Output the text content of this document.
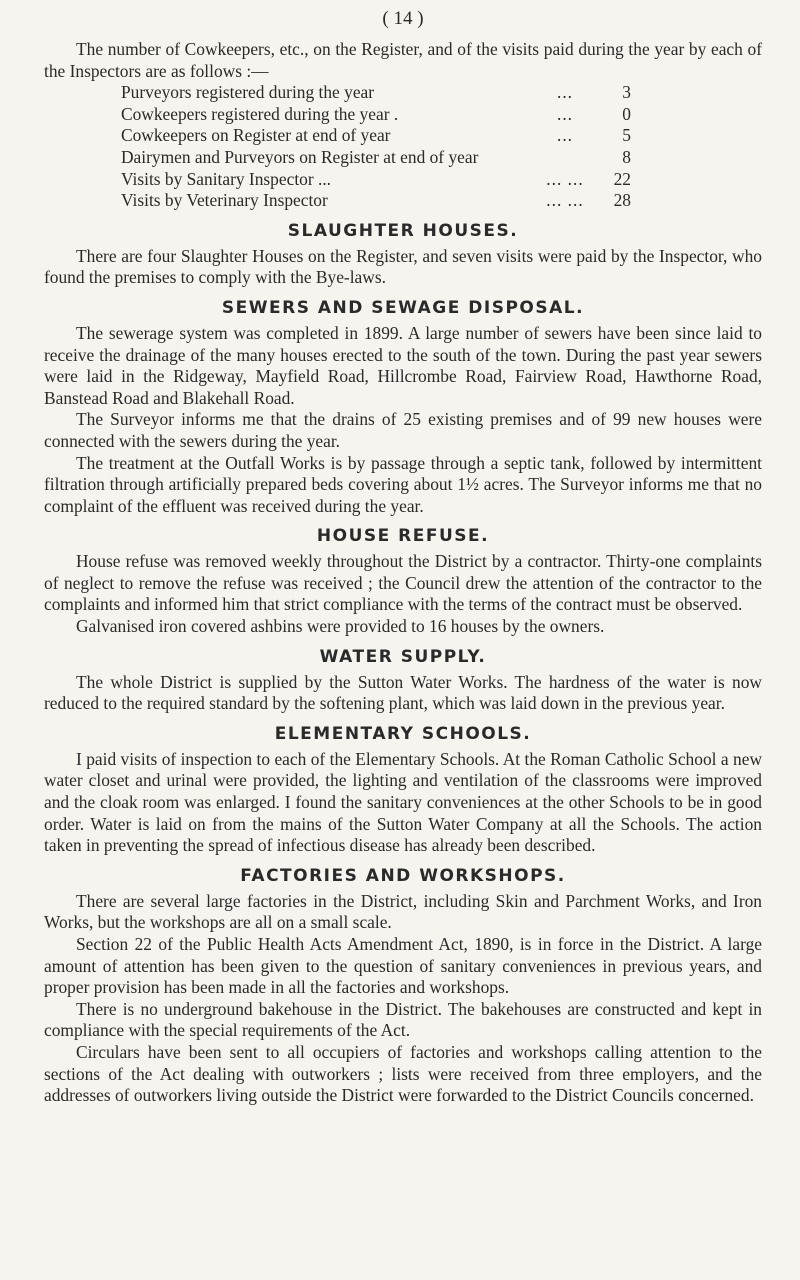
( 14 )

The number of Cowkeepers, etc., on the Register, and of the visits paid during the year by each of the Inspectors are as follows :—

Purveyors registered during the year	...	3
Cowkeepers registered during the year .	...	0
Cowkeepers on Register at end of year	...	5
Dairymen and Purveyors on Register at end of year	8
Visits by Sanitary Inspector ...	... ...	22
Visits by Veterinary Inspector	... ...	28
SLAUGHTER HOUSES.

There are four Slaughter Houses on the Register, and seven visits were paid by the Inspector, who found the premises to comply with the Bye-laws.

SEWERS AND SEWAGE DISPOSAL.

The sewerage system was completed in 1899. A large number of sewers have been since laid to receive the drainage of the many houses erected to the south of the town. During the past year sewers were laid in the Ridgeway, Mayfield Road, Hillcrombe Road, Fairview Road, Hawthorne Road, Banstead Road and Blakehall Road.

The Surveyor informs me that the drains of 25 existing premises and of 99 new houses were connected with the sewers during the year.

The treatment at the Outfall Works is by passage through a septic tank, followed by intermittent filtration through artificially prepared beds covering about 1½ acres. The Surveyor informs me that no complaint of the effluent was received during the year.

HOUSE REFUSE.

House refuse was removed weekly throughout the District by a contractor. Thirty-one complaints of neglect to remove the refuse was received ; the Council drew the attention of the contractor to the complaints and informed him that strict compliance with the terms of the contract must be observed.

Galvanised iron covered ashbins were provided to 16 houses by the owners.

WATER SUPPLY.

The whole District is supplied by the Sutton Water Works. The hardness of the water is now reduced to the required standard by the softening plant, which was laid down in the previous year.

ELEMENTARY SCHOOLS.

I paid visits of inspection to each of the Elementary Schools. At the Roman Catholic School a new water closet and urinal were provided, the lighting and ventilation of the classrooms were improved and the cloak room was enlarged. I found the sanitary conveniences at the other Schools to be in good order. Water is laid on from the mains of the Sutton Water Company at all the Schools. The action taken in preventing the spread of infectious disease has already been described.

FACTORIES AND WORKSHOPS.

There are several large factories in the District, including Skin and Parchment Works, and Iron Works, but the workshops are all on a small scale.

Section 22 of the Public Health Acts Amendment Act, 1890, is in force in the District. A large amount of attention has been given to the question of sanitary conveniences in previous years, and proper provision has been made in all the factories and workshops.

There is no underground bakehouse in the District. The bakehouses are constructed and kept in compliance with the special requirements of the Act.

Circulars have been sent to all occupiers of factories and workshops calling attention to the sections of the Act dealing with outworkers ; lists were received from three employers, and the addresses of outworkers living outside the District were forwarded to the District Councils concerned.
